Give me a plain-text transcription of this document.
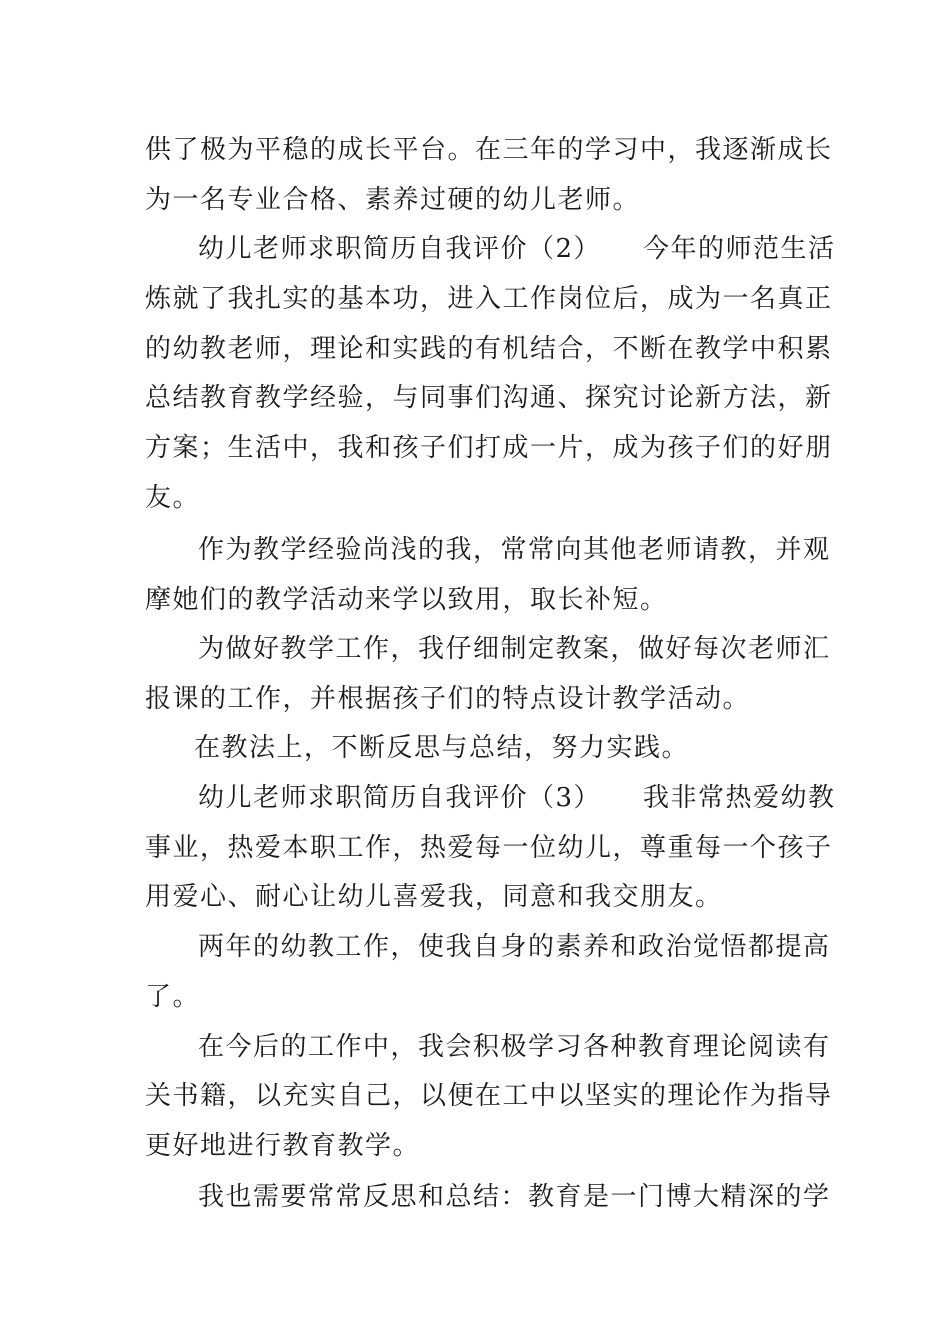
供了极为平稳的成长平台。在三年的学习中，我逐渐成长
为一名专业合格、素养过硬的幼儿老师。
幼儿老师求职简历自我评价（2）　　今年的师范生活
炼就了我扎实的基本功，进入工作岗位后，成为一名真正
的幼教老师，理论和实践的有机结合，不断在教学中积累
总结教育教学经验，与同事们沟通、探究讨论新方法，新
方案；生活中，我和孩子们打成一片，成为孩子们的好朋
友。
作为教学经验尚浅的我，常常向其他老师请教，并观
摩她们的教学活动来学以致用，取长补短。
为做好教学工作，我仔细制定教案，做好每次老师汇
报课的工作，并根据孩子们的特点设计教学活动。
在教法上，不断反思与总结，努力实践。
幼儿老师求职简历自我评价（3）　　我非常热爱幼教
事业，热爱本职工作，热爱每一位幼儿，尊重每一个孩子
用爱心、耐心让幼儿喜爱我，同意和我交朋友。
两年的幼教工作，使我自身的素养和政治觉悟都提高
了。
在今后的工作中，我会积极学习各种教育理论阅读有
关书籍，以充实自己，以便在工中以坚实的理论作为指导
更好地进行教育教学。
我也需要常常反思和总结：教育是一门博大精深的学
